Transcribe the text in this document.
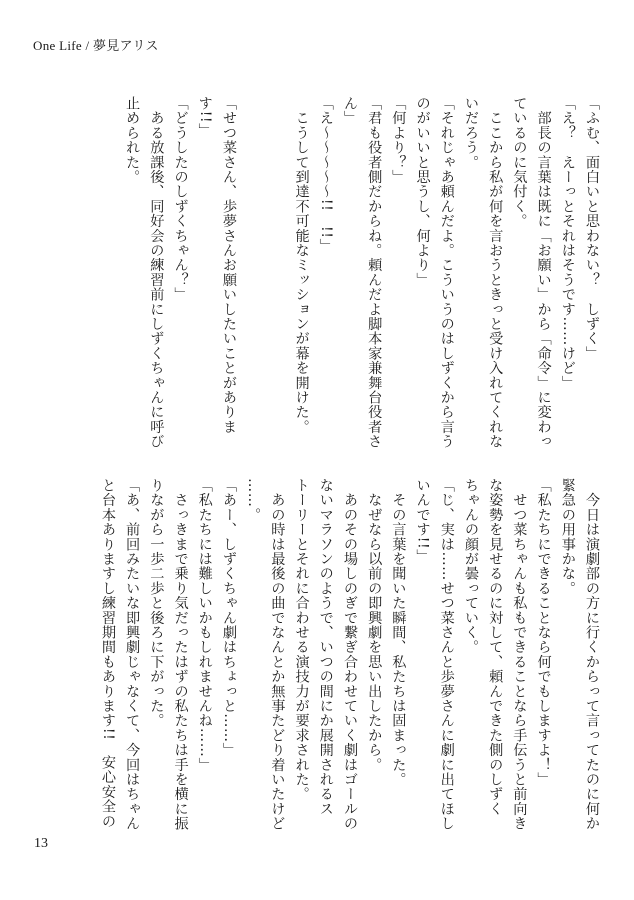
One Life / 夢見アリス
「ふむ、面白いと思わない？　しずく」
「え？　えーっとそれはそうです……けど」
　部長の言葉は既に「お願い」から「命令」に変わっ
ているのに気付く。
　ここから私が何を言おうときっと受け入れてくれな
いだろう。
「それじゃあ頼んだよ。こういうのはしずくから言う
のがいいと思うし、何より」
「何より？」
「君も役者側だからね。頼んだよ脚本家兼舞台役者さ
ん」
「え〜〜〜〜〜!!　!!」
　こうして到達不可能なミッションが幕を開けた。

「せつ菜さん、歩夢さんお願いしたいことがありま
す!!」
「どうしたのしずくちゃん？」
　ある放課後、同好会の練習前にしずくちゃんに呼び
止められた。
　今日は演劇部の方に行くからって言ってたのに何か
緊急の用事かな。
「私たちにできることなら何でもしますよ！」
　せつ菜ちゃんも私もできることなら手伝うと前向き
な姿勢を見せるのに対して、頼んできた側のしずく
ちゃんの顔が曇っていく。
「じ、実は……せつ菜さんと歩夢さんに劇に出てほし
いんです!!」
　その言葉を聞いた瞬間、私たちは固まった。
　なぜなら以前の即興劇を思い出したから。
　あのその場しのぎで繋ぎ合わせていく劇はゴールの
ないマラソンのようで、いつの間にか展開されるス
トーリーとそれに合わせる演技力が要求された。
　あの時は最後の曲でなんとか無事たどり着いたけど
……。
「あー、しずくちゃん劇はちょっと……」
「私たちには難しいかもしれませんね……」
　さっきまで乗り気だったはずの私たちは手を横に振
りながら一歩二歩と後ろに下がった。
「あ、前回みたいな即興劇じゃなくて、今回はちゃん
と台本ありますし練習期間もあります!!　安心安全の
13
